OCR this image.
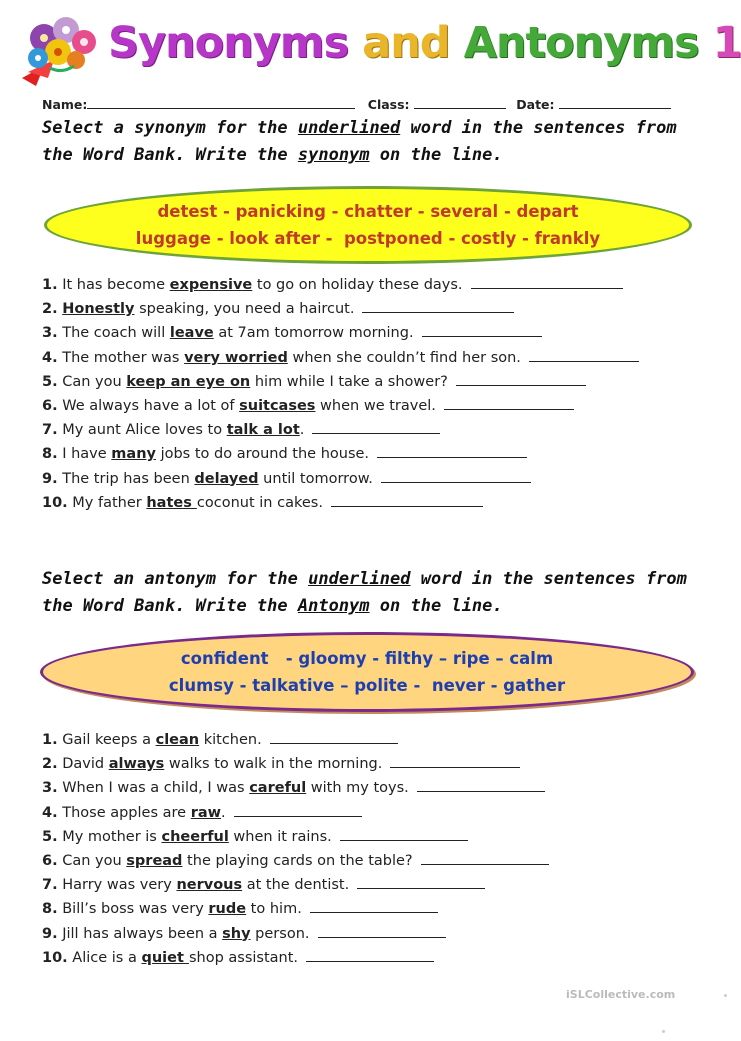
Synonyms and Antonyms 1
Name:	Class:	Date:
Select a synonym for the underlined word in the sentences from the Word Bank. Write the synonym on the line.
detest - panicking - chatter - several - depart
luggage - look after -  postponed - costly - frankly
1. It has become expensive to go on holiday these days.
2. Honestly speaking, you need a haircut.
3. The coach will leave at 7am tomorrow morning.
4. The mother was very worried when she couldn’t find her son.
5. Can you keep an eye on him while I take a shower?
6. We always have a lot of suitcases when we travel.
7. My aunt Alice loves to talk a lot.
8. I have many jobs to do around the house.
9. The trip has been delayed until tomorrow.
10. My father hates coconut in cakes.
Select an antonym for the underlined word in the sentences from the Word Bank. Write the Antonym on the line.
confident   - gloomy - filthy – ripe – calm
clumsy - talkative – polite -  never - gather
1. Gail keeps a clean kitchen.
2. David always walks to walk in the morning.
3. When I was a child, I was careful with my toys.
4. Those apples are raw.
5. My mother is cheerful when it rains.
6. Can you spread the playing cards on the table?
7. Harry was very nervous at the dentist.
8. Bill’s boss was very rude to him.
9. Jill has always been a shy person.
10. Alice is a quiet shop assistant.
iSLCollective.com
